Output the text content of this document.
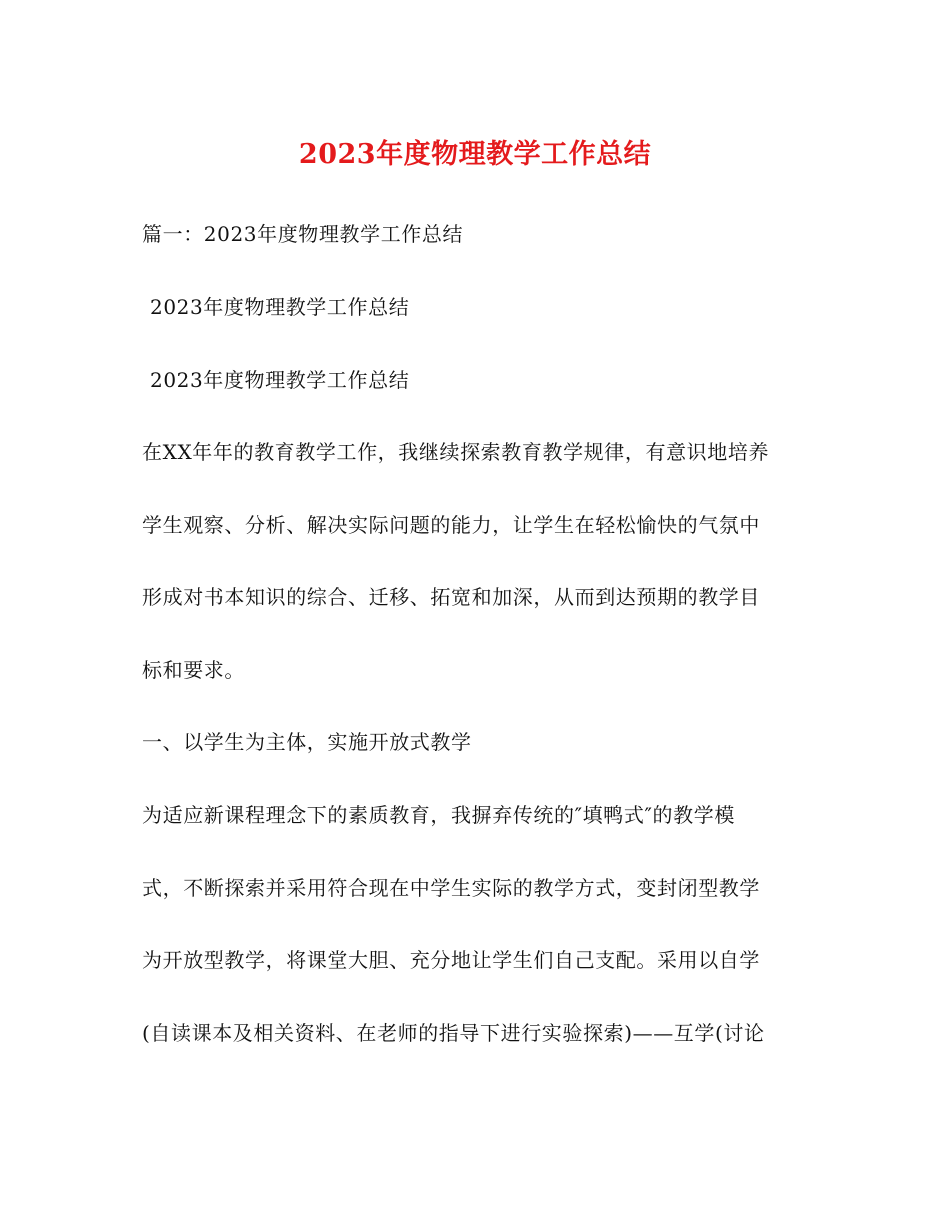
2023年度物理教学工作总结
篇一：2023年度物理教学工作总结
2023年度物理教学工作总结
2023年度物理教学工作总结
在XX年年的教育教学工作，我继续探索教育教学规律，有意识地培养
学生观察、分析、解决实际问题的能力，让学生在轻松愉快的气氛中
形成对书本知识的综合、迁移、拓宽和加深，从而到达预期的教学目
标和要求。
一、以学生为主体，实施开放式教学
为适应新课程理念下的素质教育，我摒弃传统的″填鸭式″的教学模
式，不断探索并采用符合现在中学生实际的教学方式，变封闭型教学
为开放型教学，将课堂大胆、充分地让学生们自己支配。采用以自学
(自读课本及相关资料、在老师的指导下进行实验探索)——互学(讨论
